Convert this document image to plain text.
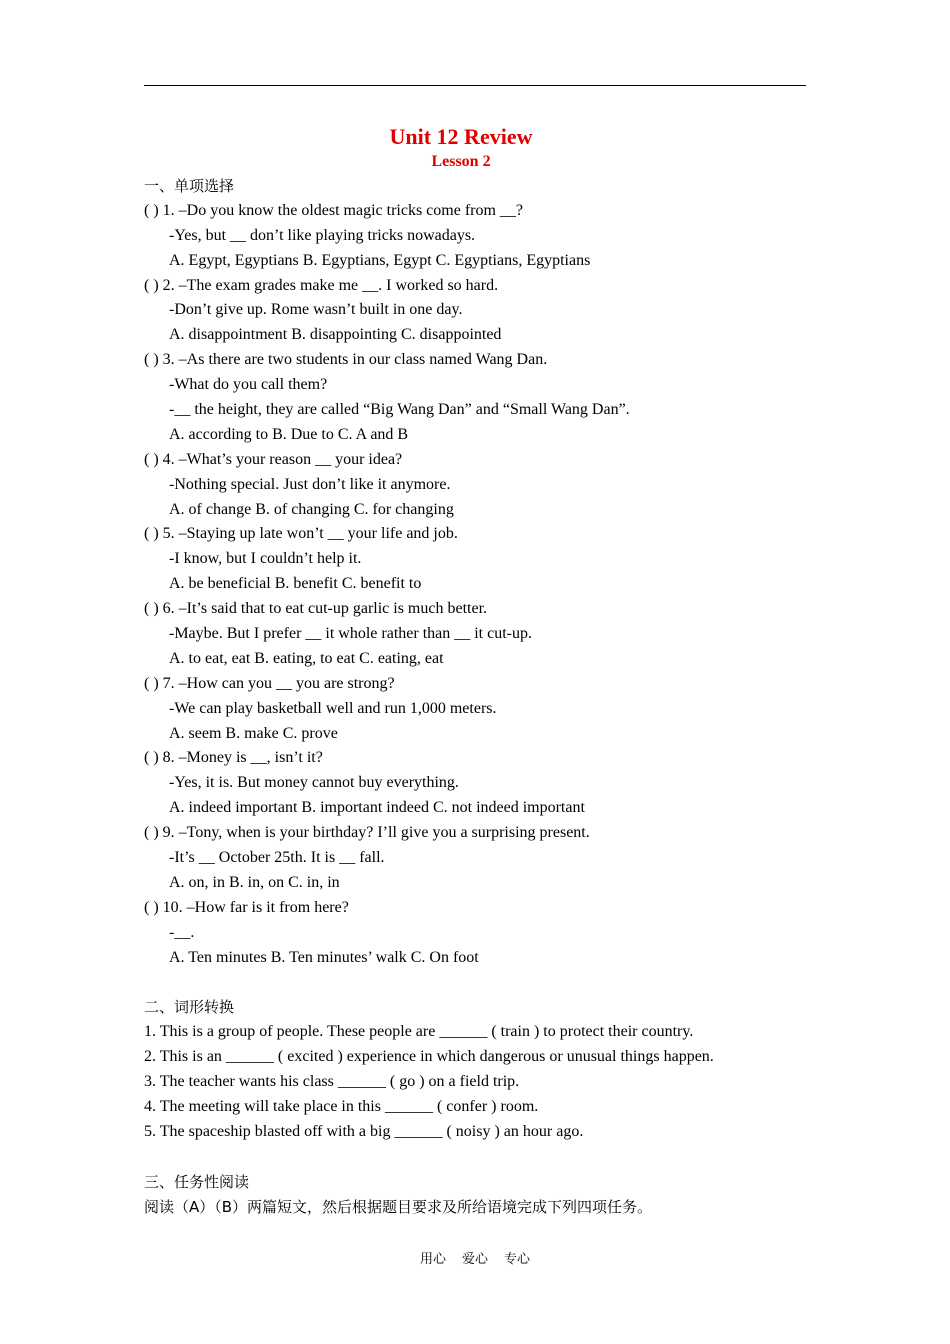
Unit 12 Review
Lesson 2
一、单项选择
( ) 1. –Do you know the oldest magic tricks come from __?
-Yes, but __ don’t like playing tricks nowadays.
A. Egypt, Egyptians B. Egyptians, Egypt C. Egyptians, Egyptians
( ) 2. –The exam grades make me __. I worked so hard.
-Don’t give up. Rome wasn’t built in one day.
A. disappointment B. disappointing C. disappointed
( ) 3. –As there are two students in our class named Wang Dan.
-What do you call them?
-__ the height, they are called “Big Wang Dan” and “Small Wang Dan”.
A. according to B. Due to C. A and B
( ) 4. –What’s your reason __ your idea?
-Nothing special. Just don’t like it anymore.
A. of change B. of changing C. for changing
( ) 5. –Staying up late won’t __ your life and job.
-I know, but I couldn’t help it.
A. be beneficial B. benefit C. benefit to
( ) 6. –It’s said that to eat cut-up garlic is much better.
-Maybe. But I prefer __ it whole rather than __ it cut-up.
A. to eat, eat B. eating, to eat C. eating, eat
( ) 7. –How can you __ you are strong?
-We can play basketball well and run 1,000 meters.
A. seem B. make C. prove
( ) 8. –Money is __, isn’t it?
-Yes, it is. But money cannot buy everything.
A. indeed important B. important indeed C. not indeed important
( ) 9. –Tony, when is your birthday? I’ll give you a surprising present.
-It’s __ October 25th. It is __ fall.
A. on, in B. in, on C. in, in
( ) 10. –How far is it from here?
-__.
A. Ten minutes B. Ten minutes’ walk C. On foot
二、词形转换
1. This is a group of people. These people are ______ ( train ) to protect their country.
2. This is an ______ ( excited ) experience in which dangerous or unusual things happen.
3. The teacher wants his class ______ ( go ) on a field trip.
4. The meeting will take place in this ______ ( confer ) room.
5. The spaceship blasted off with a big ______ ( noisy ) an hour ago.
三、任务性阅读
阅读（A）（B）两篇短文，然后根据题目要求及所给语境完成下列四项任务。
用心 爱心 专心
